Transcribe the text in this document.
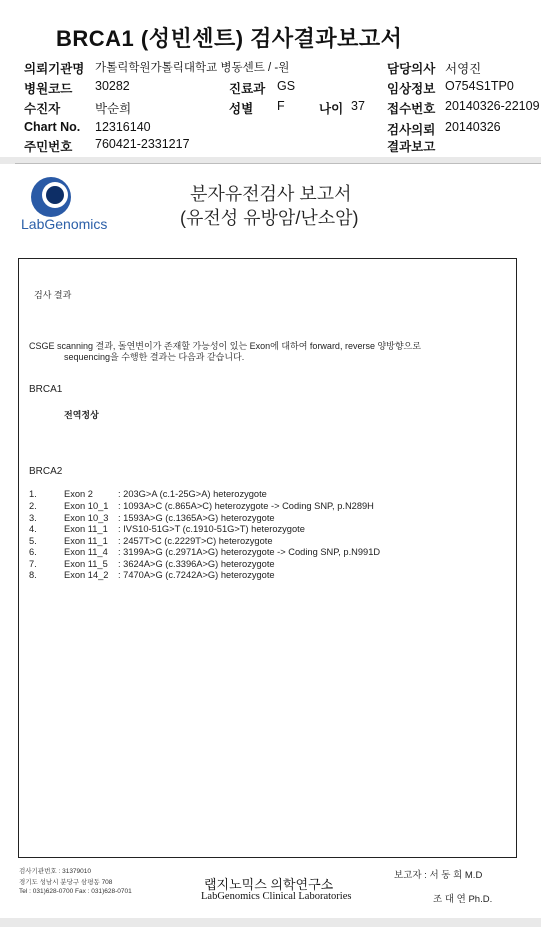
BRCA1 (성빈센트) 검사결과보고서
의뢰기관명 가톨릭학원가톨릭대학교 병동센트 / -원	담당의사 서영진
병원코드 30282	진료과 GS	임상정보 O754S1TP0
수진자	박순희	성별 F	나이 37 접수번호 20140326-22109
Chart No. 12316140	검사의뢰 20140326
주민번호 760421-2331217	결과보고
LabGenomics
분자유전검사 보고서
(유전성 유방암/난소암)
검사 결과
CSGE scanning 결과, 돌연변이가 존재할 가능성이 있는 Exon에 대하여 forward, reverse 양방향으로
sequencing을 수행한 결과는 다음과 같습니다.
BRCA1
전역정상
BRCA2
1.	Exon 2	: 203G>A (c.1-25G>A) heterozygote
2.	Exon 10_1 : 1093A>C (c.865A>C) heterozygote -> Coding SNP, p.N289H
3.	Exon 10_3 : 1593A>G (c.1365A>G) heterozygote
4.	Exon 11_1 : IVS10-51G>T (c.1910-51G>T) heterozygote
5.	Exon 11_1 : 2457T>C (c.2229T>C) heterozygote
6.	Exon 11_4 : 3199A>G (c.2971A>G) heterozygote -> Coding SNP, p.N991D
7.	Exon 11_5 : 3624A>G (c.3396A>G) heterozygote
8.	Exon 14_2 : 7470A>G (c.7242A>G) heterozygote
검사기관번호 : 31379010
경기도 성남시 분당구 삼평동 708
Tel : 031)628-0700 Fax : 031)628-0701	랩지노믹스 의학연구소
LabGenomics Clinical Laboratories
보고자 : 서 동 희 M.D
조 대 연 Ph.D.
